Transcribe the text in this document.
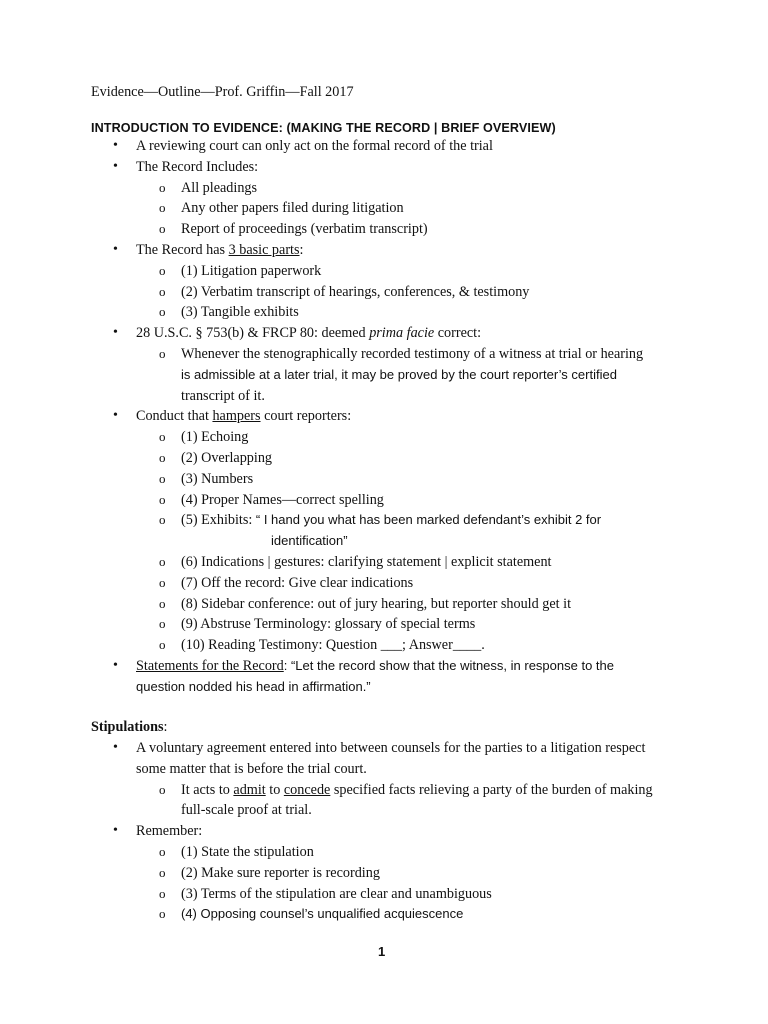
Evidence—Outline—Prof. Griffin—Fall 2017

INTRODUCTION TO EVIDENCE: (MAKING THE RECORD | BRIEF OVERVIEW)

• A reviewing court can only act on the formal record of the trial
• The Record Includes:
o All pleadings
o Any other papers filed during litigation
o Report of proceedings (verbatim transcript)
• The Record has 3 basic parts:
o (1) Litigation paperwork
o (2) Verbatim transcript of hearings, conferences, & testimony
o (3) Tangible exhibits
• 28 U.S.C. § 753(b) & FRCP 80: deemed prima facie correct:
o Whenever the stenographically recorded testimony of a witness at trial or hearing
is admissible at a later trial, it may be proved by the court reporter’s certified
transcript of it.
• Conduct that hampers court reporters:
o (1) Echoing
o (2) Overlapping
o (3) Numbers
o (4) Proper Names—correct spelling
o (5) Exhibits: “ I hand you what has been marked defendant’s exhibit 2 for
identification”
o (6) Indications | gestures: clarifying statement | explicit statement
o (7) Off the record: Give clear indications
o (8) Sidebar conference: out of jury hearing, but reporter should get it
o (9) Abstruse Terminology: glossary of special terms
o (10) Reading Testimony: Question ___; Answer____.
• Statements for the Record: “Let the record show that the witness, in response to the
question nodded his head in affirmation.”

Stipulations:

• A voluntary agreement entered into between counsels for the parties to a litigation respect some matter that is before the trial court.
o It acts to admit to concede specified facts relieving a party of the burden of making full-scale proof at trial.
• Remember:
o (1) State the stipulation
o (2) Make sure reporter is recording
o (3) Terms of the stipulation are clear and unambiguous
o (4) Opposing counsel’s unqualified acquiescence
1
